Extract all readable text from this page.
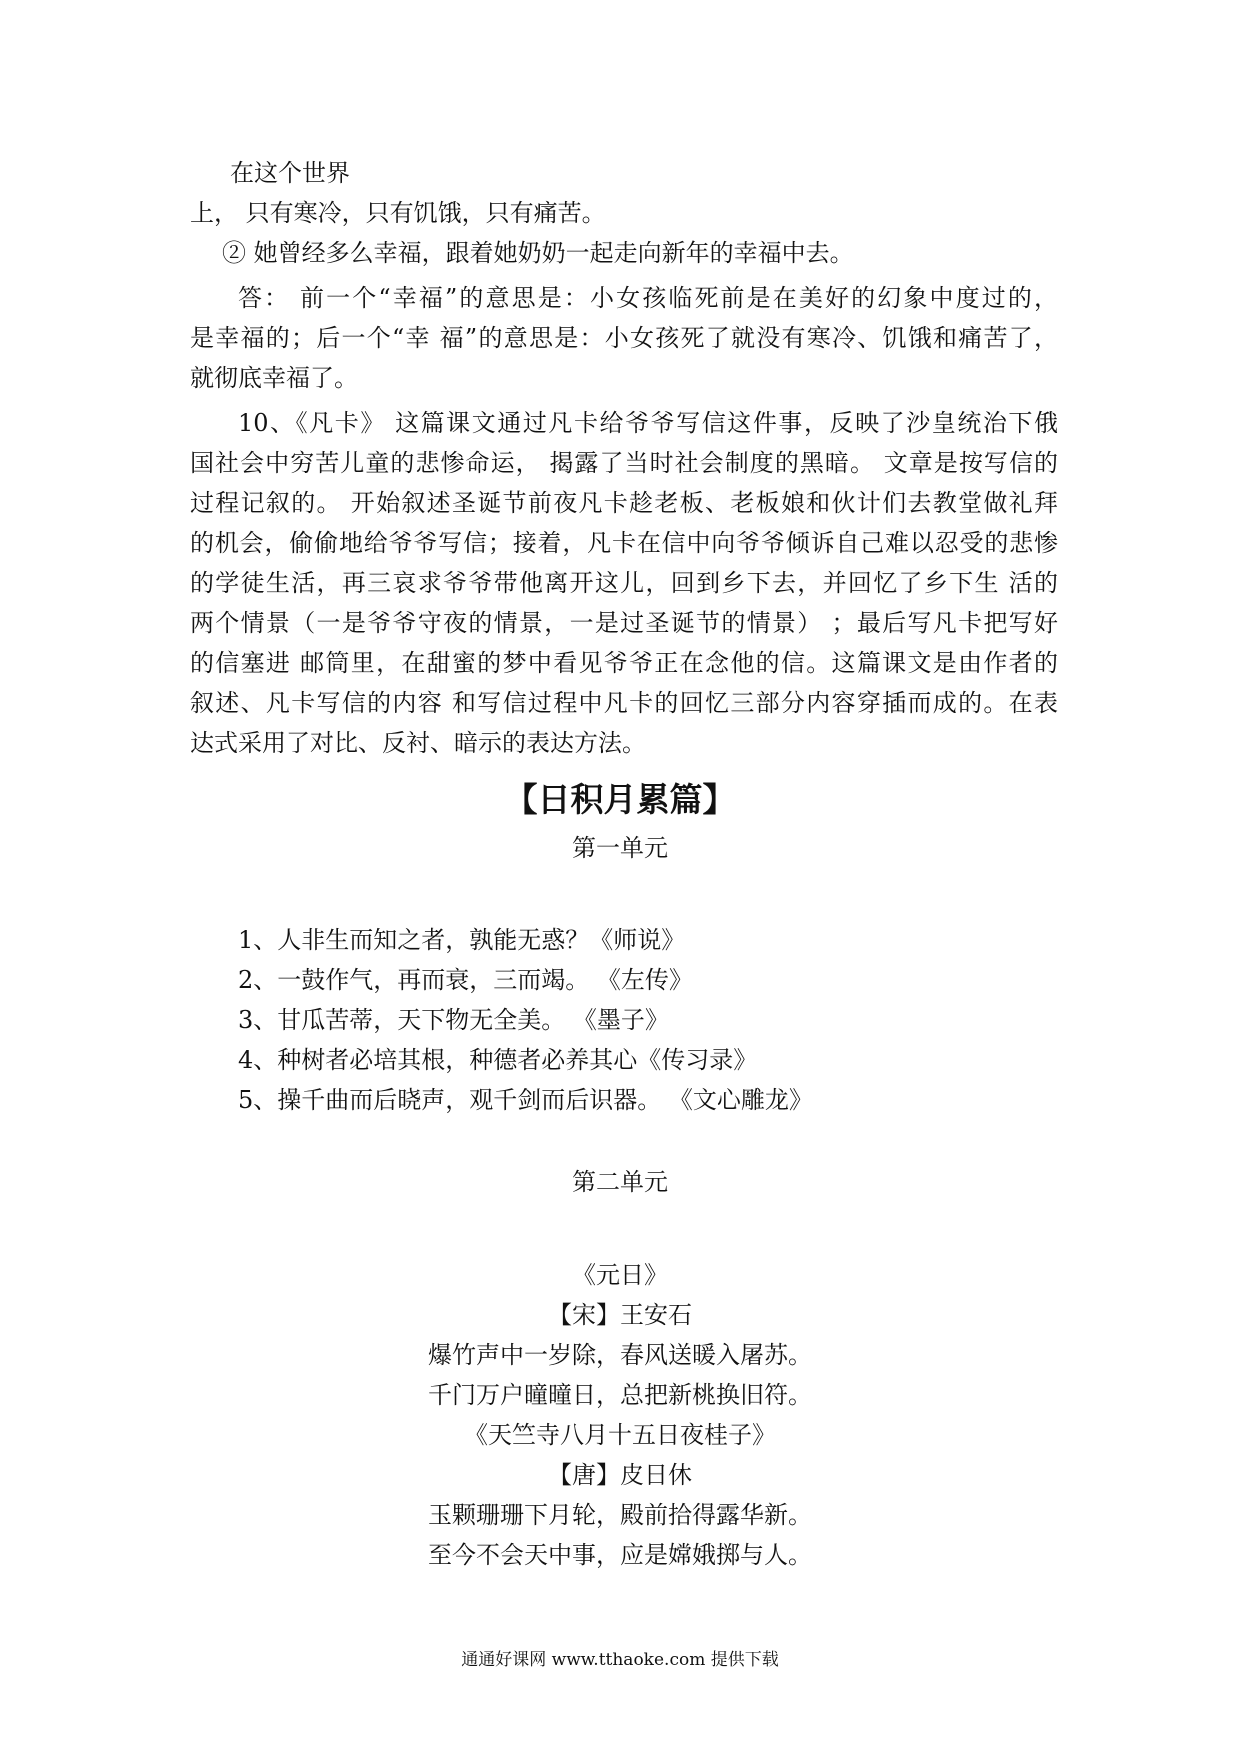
在这个世界
上， 只有寒冷，只有饥饿，只有痛苦。
② 她曾经多么幸福，跟着她奶奶一起走向新年的幸福中去。
答： 前一个“幸福”的意思是：小女孩临死前是在美好的幻象中度过的，
是幸福的；后一个“幸 福”的意思是：小女孩死了就没有寒冷、饥饿和痛苦了，
就彻底幸福了。
10、《凡卡》 这篇课文通过凡卡给爷爷写信这件事，反映了沙皇统治下俄
国社会中穷苦儿童的悲惨命运， 揭露了当时社会制度的黑暗。 文章是按写信的
过程记叙的。 开始叙述圣诞节前夜凡卡趁老板、老板娘和伙计们去教堂做礼拜
的机会，偷偷地给爷爷写信；接着，凡卡在信中向爷爷倾诉自己难以忍受的悲惨
的学徒生活，再三哀求爷爷带他离开这儿，回到乡下去，并回忆了乡下生 活的
两个情景（一是爷爷守夜的情景，一是过圣诞节的情景） ；最后写凡卡把写好
的信塞进 邮筒里，在甜蜜的梦中看见爷爷正在念他的信。这篇课文是由作者的
叙述、凡卡写信的内容 和写信过程中凡卡的回忆三部分内容穿插而成的。在表
达式采用了对比、反衬、暗示的表达方法。
【日积月累篇】
第一单元
1、人非生而知之者，孰能无惑？《师说》
2、一鼓作气，再而衰，三而竭。 《左传》
3、甘瓜苦蒂，天下物无全美。 《墨子》
4、种树者必培其根，种德者必养其心《传习录》
5、操千曲而后晓声，观千剑而后识器。 《文心雕龙》
第二单元
《元日》
【宋】王安石
爆竹声中一岁除，春风送暖入屠苏。
千门万户曈曈日，总把新桃换旧符。
《天竺寺八月十五日夜桂子》
【唐】皮日休
玉颗珊珊下月轮，殿前拾得露华新。
至今不会天中事，应是嫦娥掷与人。
通通好课网 www.tthaoke.com 提供下载
